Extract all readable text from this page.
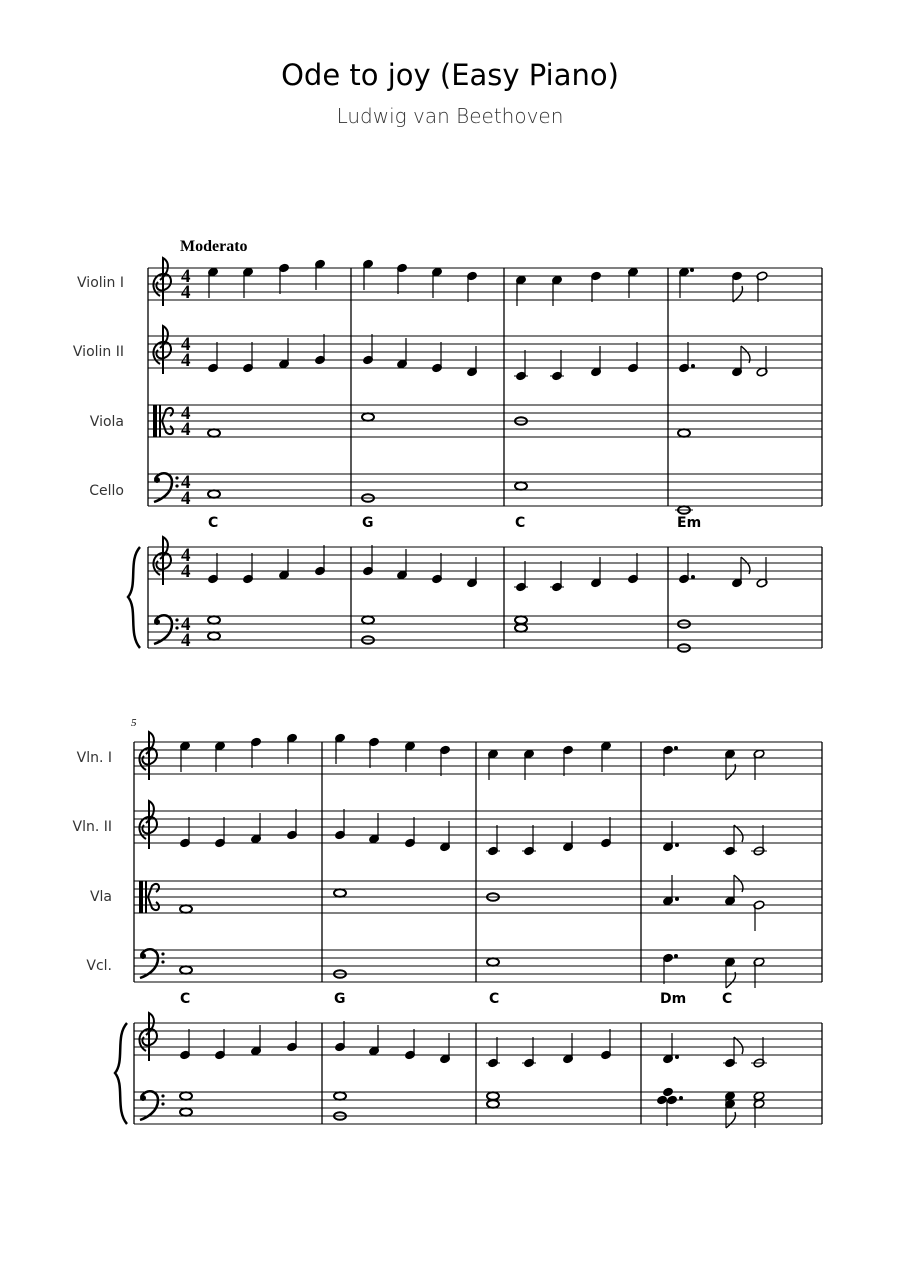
Ode to joy (Easy Piano)
Ludwig van Beethoven
Moderato
Violin I
Violin II
Viola
Cello
4
4
4
4
4
4
4
4
4
4
4
4
C	G	C	Em
5
Vln. I
Vln. II
Vla
Vcl.
C	G	C	Dm	C
